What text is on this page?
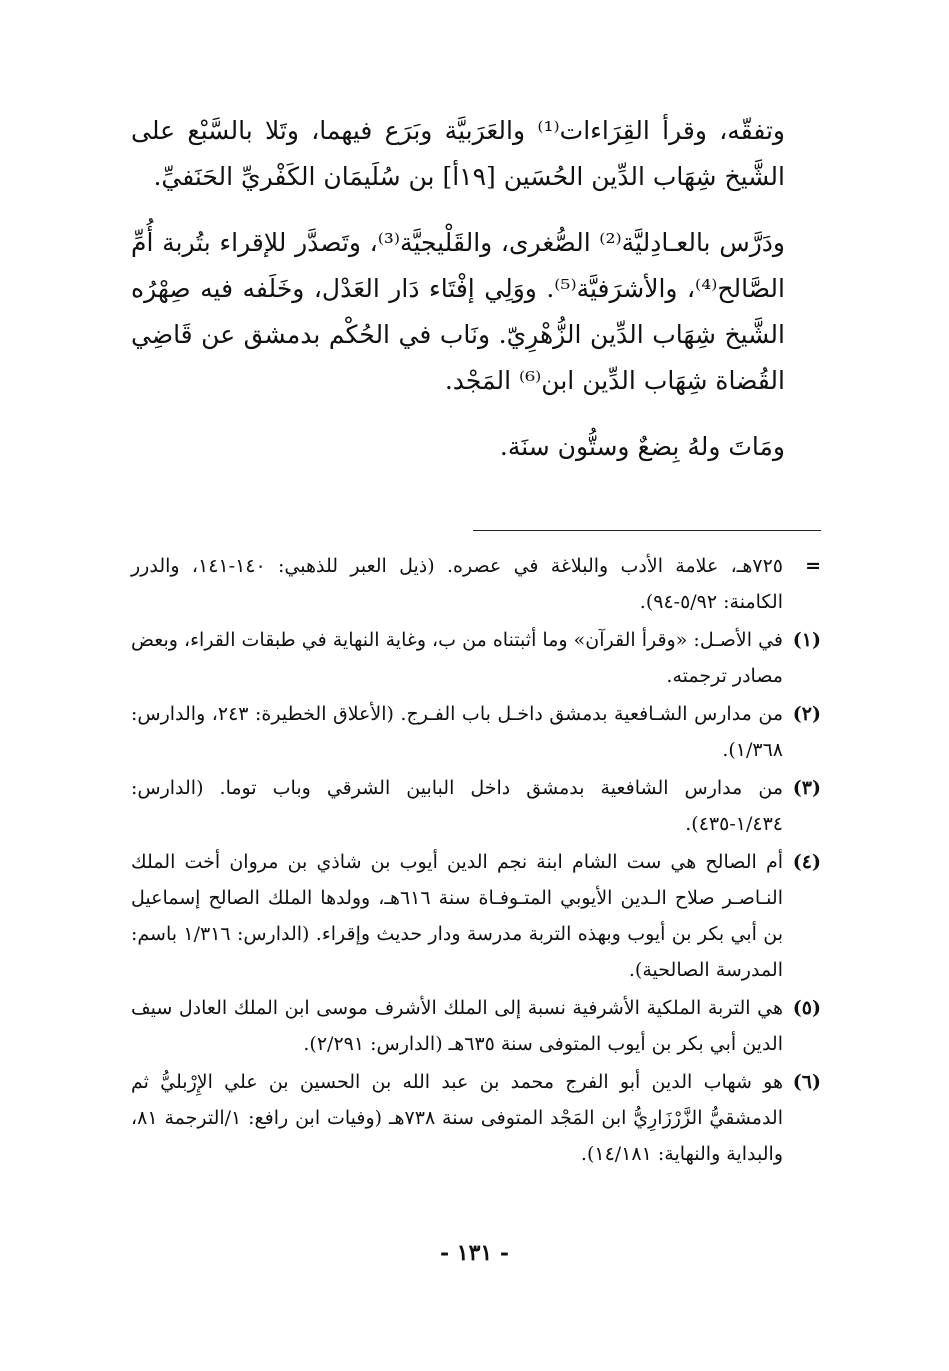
وتفقّه، وقرأ القِرَاءات⁽¹⁾ والعَرَبيَّة وبَرَع فيهما، وتَلا بالسَّبْع على الشَّيخ شِهَاب الدِّين الحُسَين [١٩أ] بن سُلَيمَان الكَفْريِّ الحَنَفيِّ.

ودَرَّس بالعـادِليَّة⁽²⁾ الصُّغرى، والقَلْيجيَّة⁽³⁾، وتَصدَّر للإقراء بتُربة أُمِّ الصَّالح⁽⁴⁾، والأشرَفيَّة⁽⁵⁾. ووَلِي إفْتَاء دَار العَدْل، وخَلَفه فيه صِهْرُه الشَّيخ شِهَاب الدِّين الزُّهْرِيّ. ونَاب في الحُكْم بدمشق عن قَاضِي القُضاة شِهَاب الدِّين ابن⁽⁶⁾ المَجْد.

ومَاتَ ولهُ بِضعٌ وستُّون سنَة.

=
٧٢٥هـ، علامة الأدب والبلاغة في عصره. (ذيل العبر للذهبي: ١٤٠-١٤١، والدرر الكامنة: ٥/٩٢-٩٤).
(١)
في الأصـل: «وقرأ القرآن» وما أثبتناه من ب، وغاية النهاية في طبقات القراء، وبعض مصادر ترجمته.
(٢)
من مدارس الشـافعية بدمشق داخـل باب الفـرج. (الأعلاق الخطيرة: ٢٤٣، والدارس: ١/٣٦٨).
(٣)
من مدارس الشافعية بدمشق داخل البابين الشرقي وباب توما. (الدارس: ١/٤٣٤-٤٣٥).
(٤)
أم الصالح هي ست الشام ابنة نجم الدين أيوب بن شاذي بن مروان أخت الملك النـاصـر صلاح الـدين الأيوبي المتـوفـاة سنة ٦١٦هـ، وولدها الملك الصالح إسماعيل بن أبي بكر بن أيوب وبهذه التربة مدرسة ودار حديث وإقراء. (الدارس: ١/٣١٦ باسم: المدرسة الصالحية).
(٥)
هي التربة الملكية الأشرفية نسبة إلى الملك الأشرف موسى ابن الملك العادل سيف الدين أبي بكر بن أيوب المتوفى سنة ٦٣٥هـ (الدارس: ٢/٢٩١).
(٦)
هو شهاب الدين أبو الفرج محمد بن عبد الله بن الحسين بن علي الإِرْبليُّ ثم الدمشقيُّ الزَّرْزَارِيُّ ابن المَجْد المتوفى سنة ٧٣٨هـ (وفيات ابن رافع: ١/الترجمة ٨١، والبداية والنهاية: ١٤/١٨١).
- ١٣١ -
